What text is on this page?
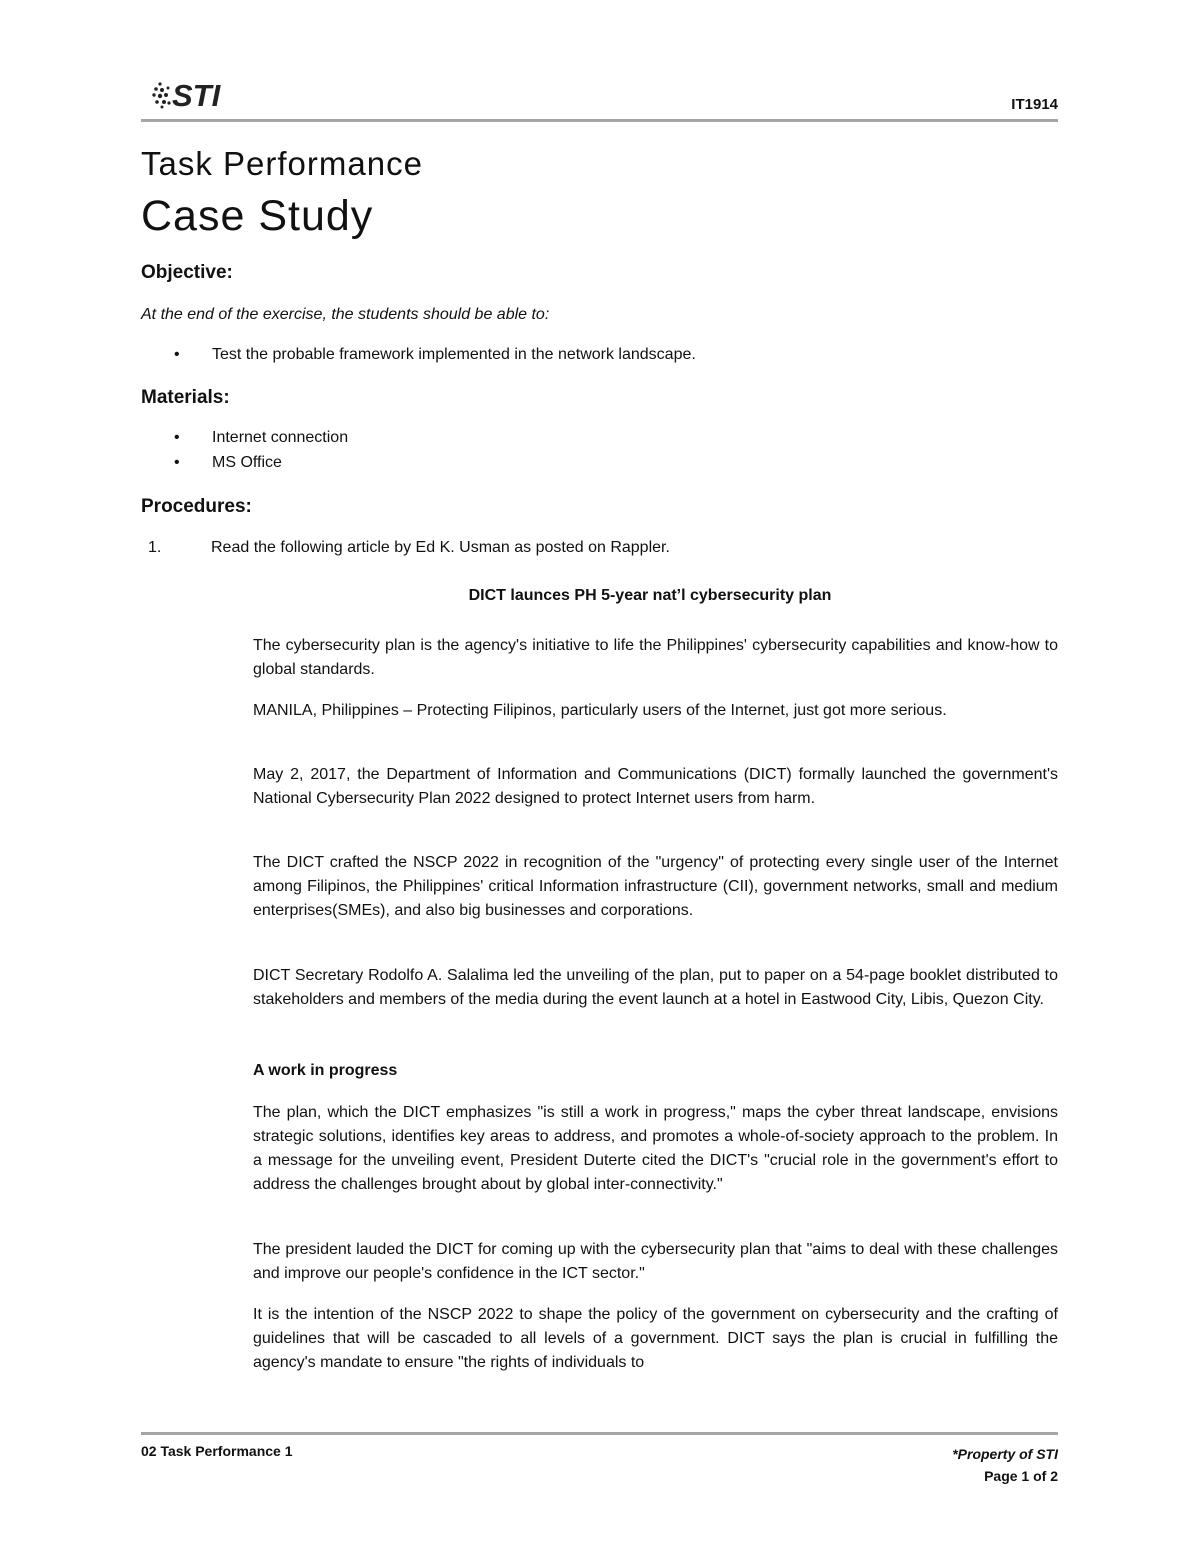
STI	IT1914
Task Performance
Case Study
Objective:
At the end of the exercise, the students should be able to:
• Test the probable framework implemented in the network landscape.
Materials:
• Internet connection
• MS Office
Procedures:
1.	Read the following article by Ed K. Usman as posted on Rappler.
DICT launces PH 5-year nat’l cybersecurity plan
The cybersecurity plan is the agency's initiative to life the Philippines' cybersecurity capabilities and know-how to global standards.
MANILA, Philippines – Protecting Filipinos, particularly users of the Internet, just got more serious.
May 2, 2017, the Department of Information and Communications (DICT) formally launched the government's National Cybersecurity Plan 2022 designed to protect Internet users from harm.
The DICT crafted the NSCP 2022 in recognition of the "urgency" of protecting every single user of the Internet among Filipinos, the Philippines' critical Information infrastructure (CII), government networks, small and medium enterprises(SMEs), and also big businesses and corporations.
DICT Secretary Rodolfo A. Salalima led the unveiling of the plan, put to paper on a 54-page booklet distributed to stakeholders and members of the media during the event launch at a hotel in Eastwood City, Libis, Quezon City.
A work in progress
The plan, which the DICT emphasizes "is still a work in progress," maps the cyber threat landscape, envisions strategic solutions, identifies key areas to address, and promotes a whole-of-society approach to the problem. In a message for the unveiling event, President Duterte cited the DICT's "crucial role in the government's effort to address the challenges brought about by global inter-connectivity."
The president lauded the DICT for coming up with the cybersecurity plan that "aims to deal with these challenges and improve our people's confidence in the ICT sector."
It is the intention of the NSCP 2022 to shape the policy of the government on cybersecurity and the crafting of guidelines that will be cascaded to all levels of a government. DICT says the plan is crucial in fulfilling the agency's mandate to ensure "the rights of individuals to
02 Task Performance 1	*Property of STI
Page 1 of 2
